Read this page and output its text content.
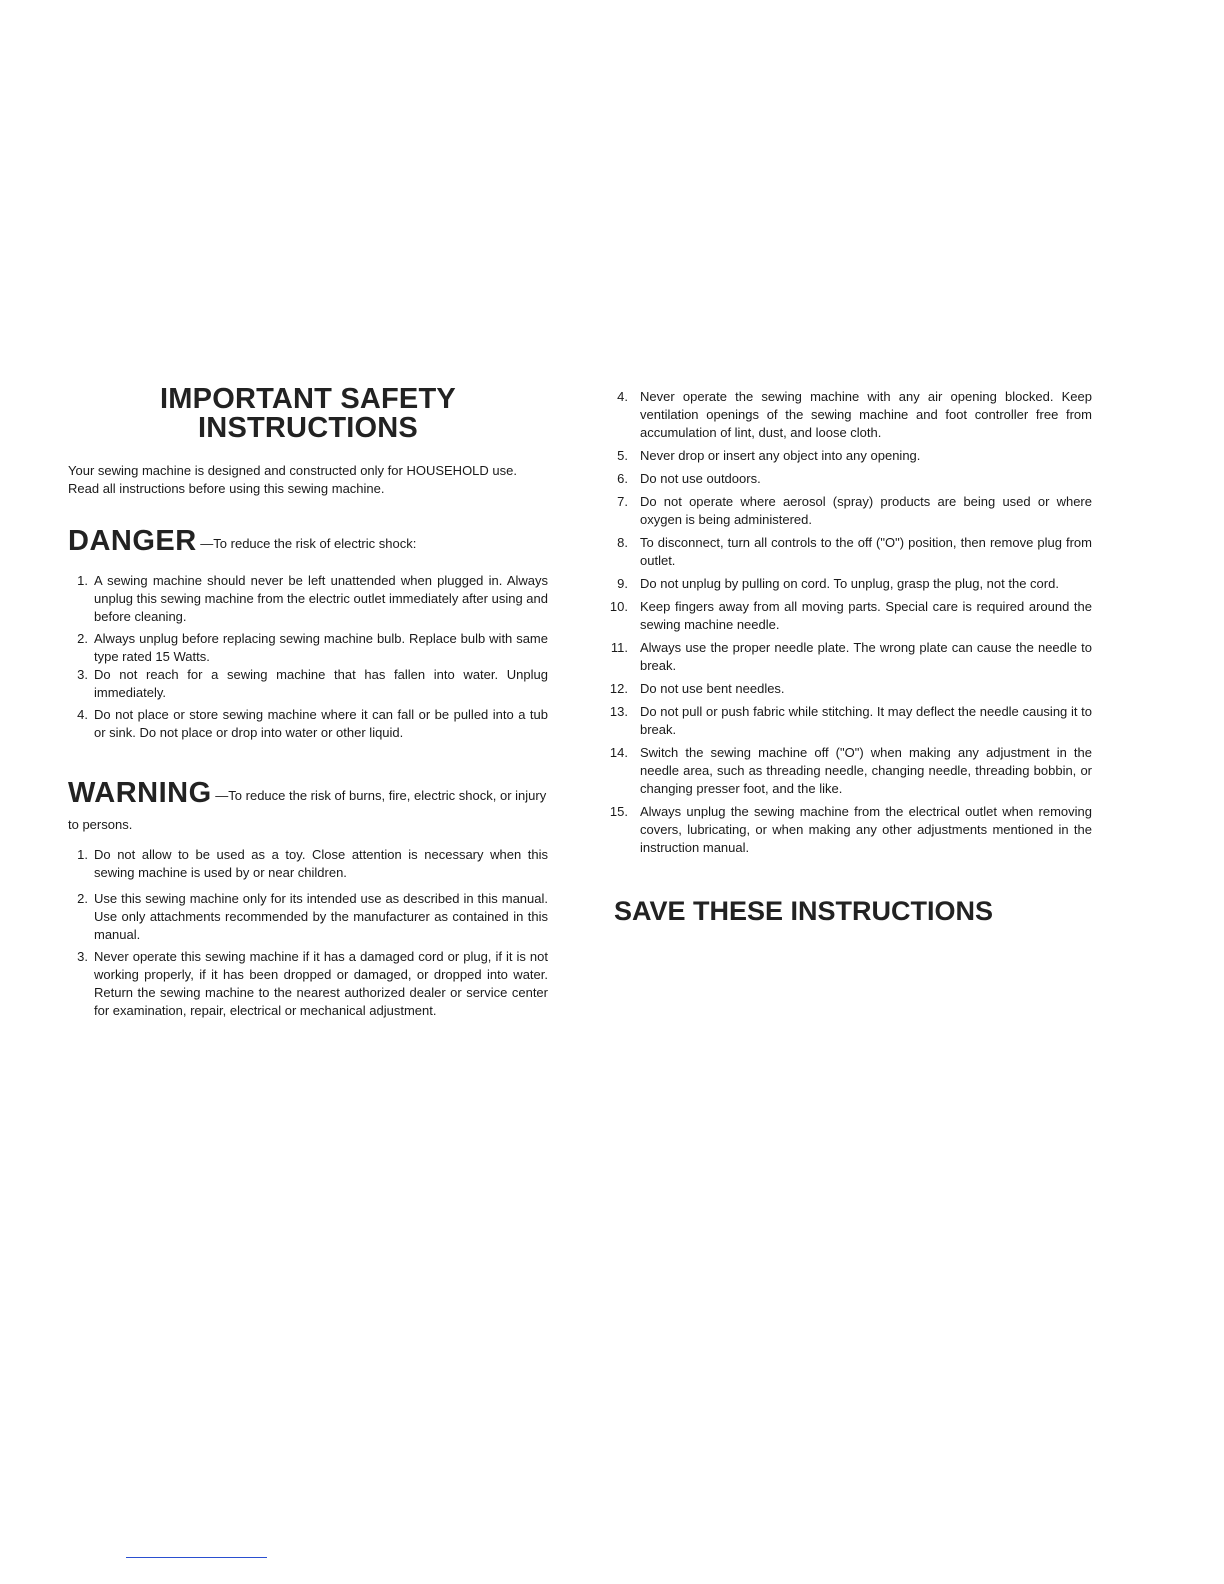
IMPORTANT SAFETY
INSTRUCTIONS
Your sewing machine is designed and constructed only for HOUSEHOLD use.
Read all instructions before using this sewing machine.
DANGER —To reduce the risk of electric shock:
1. A sewing machine should never be left unattended when plugged in. Always unplug this sewing machine from the electric outlet immediately after using and before cleaning.
2. Always unplug before replacing sewing machine bulb. Replace bulb with same type rated 15 Watts.
3. Do not reach for a sewing machine that has fallen into water. Unplug immediately.
4. Do not place or store sewing machine where it can fall or be pulled into a tub or sink. Do not place or drop into water or other liquid.
WARNING —To reduce the risk of burns, fire, electric shock, or injury
to persons.
1. Do not allow to be used as a toy. Close attention is necessary when this sewing machine is used by or near children.
2. Use this sewing machine only for its intended use as described in this manual. Use only attachments recommended by the manufacturer as contained in this manual.
3. Never operate this sewing machine if it has a damaged cord or plug, if it is not working properly, if it has been dropped or damaged, or dropped into water. Return the sewing machine to the nearest authorized dealer or service center for examination, repair, electrical or mechanical adjustment.
4. Never operate the sewing machine with any air opening blocked. Keep ventilation openings of the sewing machine and foot controller free from accumulation of lint, dust, and loose cloth.
5. Never drop or insert any object into any opening.
6. Do not use outdoors.
7. Do not operate where aerosol (spray) products are being used or where oxygen is being administered.
8. To disconnect, turn all controls to the off ("O") position, then remove plug from outlet.
9. Do not unplug by pulling on cord. To unplug, grasp the plug, not the cord.
10. Keep fingers away from all moving parts. Special care is required around the sewing machine needle.
11. Always use the proper needle plate. The wrong plate can cause the needle to break.
12. Do not use bent needles.
13. Do not pull or push fabric while stitching. It may deflect the needle causing it to break.
14. Switch the sewing machine off ("O") when making any adjustment in the needle area, such as threading needle, changing needle, threading bobbin, or changing presser foot, and the like.
15. Always unplug the sewing machine from the electrical outlet when removing covers, lubricating, or when making any other adjustments mentioned in the instruction manual.
SAVE THESE INSTRUCTIONS
